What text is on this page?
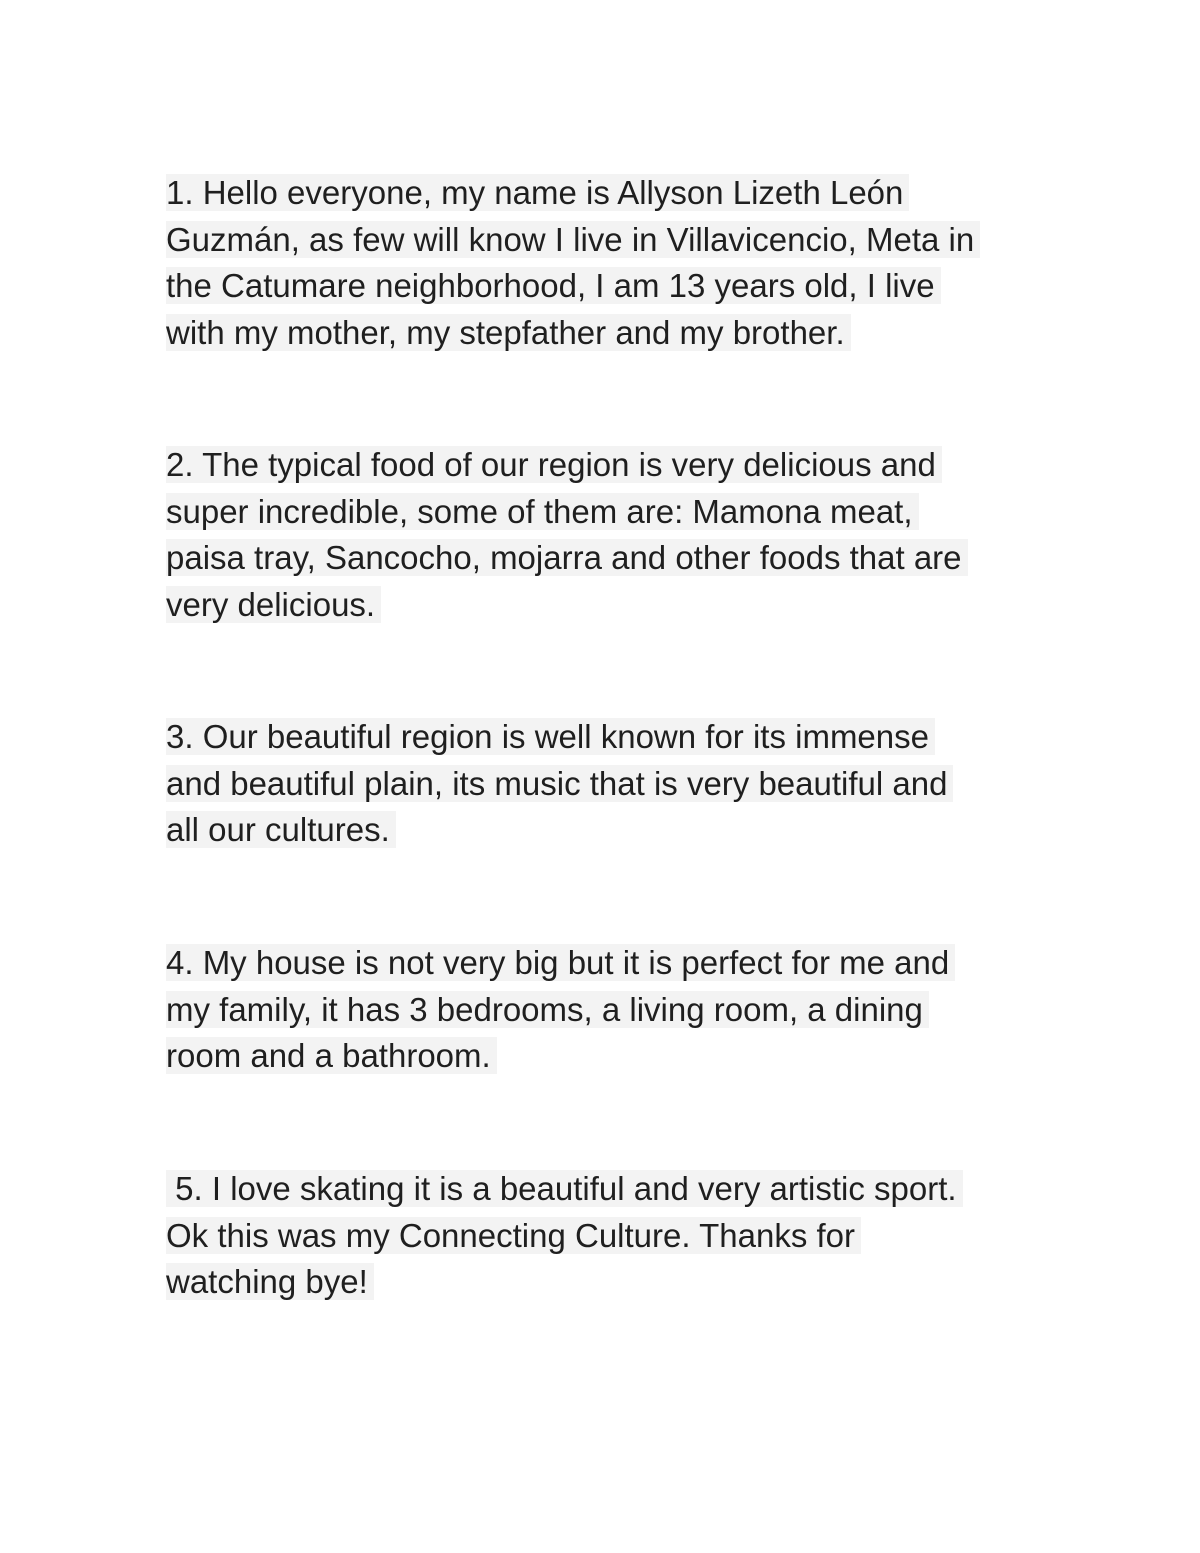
1. Hello everyone, my name is Allyson Lizeth León
Guzmán, as few will know I live in Villavicencio, Meta in
the Catumare neighborhood, I am 13 years old, I live
with my mother, my stepfather and my brother.
2. The typical food of our region is very delicious and
super incredible, some of them are: Mamona meat,
paisa tray, Sancocho, mojarra and other foods that are
very delicious.
3. Our beautiful region is well known for its immense
and beautiful plain, its music that is very beautiful and
all our cultures.
4. My house is not very big but it is perfect for me and
my family, it has 3 bedrooms, a living room, a dining
room and a bathroom.
5. I love skating it is a beautiful and very artistic sport.
Ok this was my Connecting Culture. Thanks for
watching bye!
